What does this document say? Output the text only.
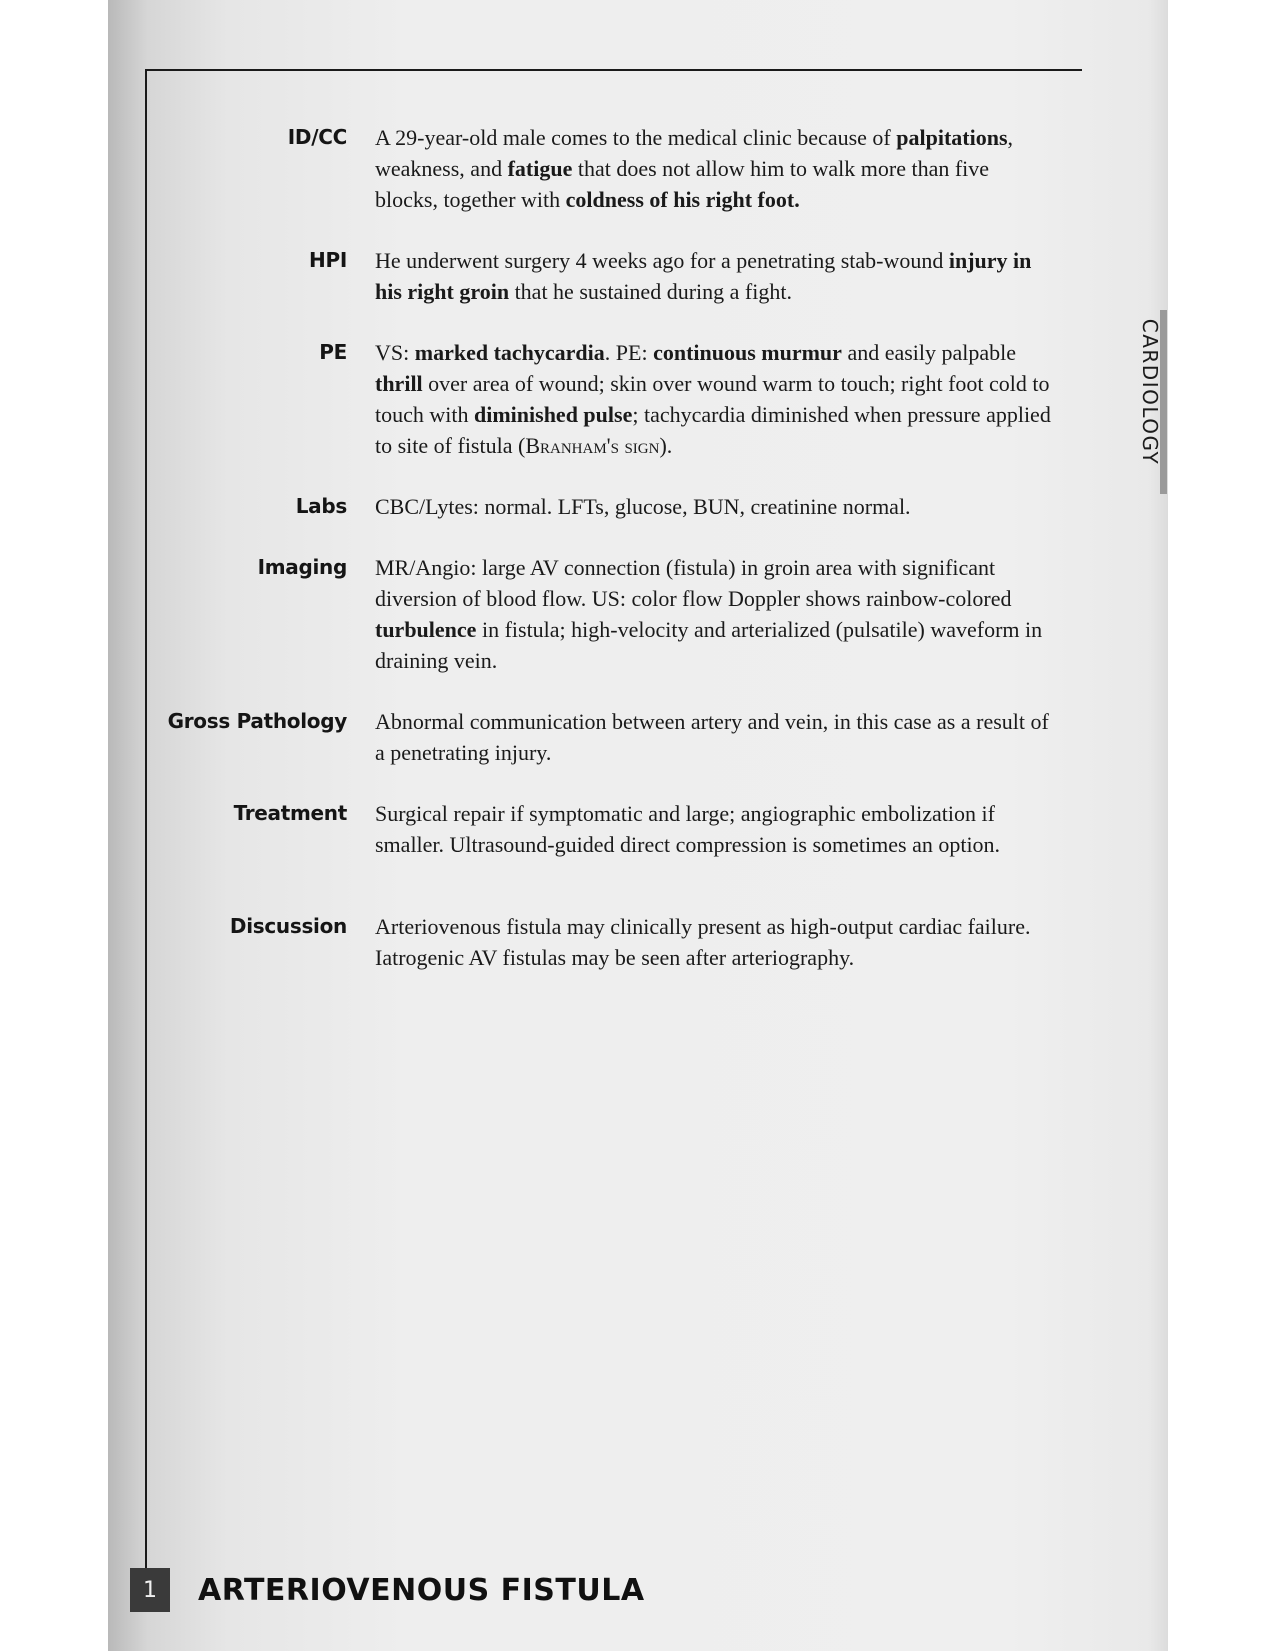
ID/CC	A 29-year-old male comes to the medical clinic because of palpitations, weakness, and fatigue that does not allow him to walk more than five blocks, together with coldness of his right foot.
HPI	He underwent surgery 4 weeks ago for a penetrating stab-wound injury in his right groin that he sustained during a fight.
PE	VS: marked tachycardia. PE: continuous murmur and easily palpable thrill over area of wound; skin over wound warm to touch; right foot cold to touch with diminished pulse; tachycardia diminished when pressure applied to site of fistula (Branham's sign).
Labs	CBC/Lytes: normal. LFTs, glucose, BUN, creatinine normal.
Imaging	MR/Angio: large AV connection (fistula) in groin area with significant diversion of blood flow. US: color flow Doppler shows rainbow-colored turbulence in fistula; high-velocity and arterialized (pulsatile) waveform in draining vein.
Gross Pathology	Abnormal communication between artery and vein, in this case as a result of a penetrating injury.
Treatment	Surgical repair if symptomatic and large; angiographic embolization if smaller. Ultrasound-guided direct compression is sometimes an option.
Discussion	Arteriovenous fistula may clinically present as high-output cardiac failure. Iatrogenic AV fistulas may be seen after arteriography.
CARDIOLOGY
1	ARTERIOVENOUS FISTULA
